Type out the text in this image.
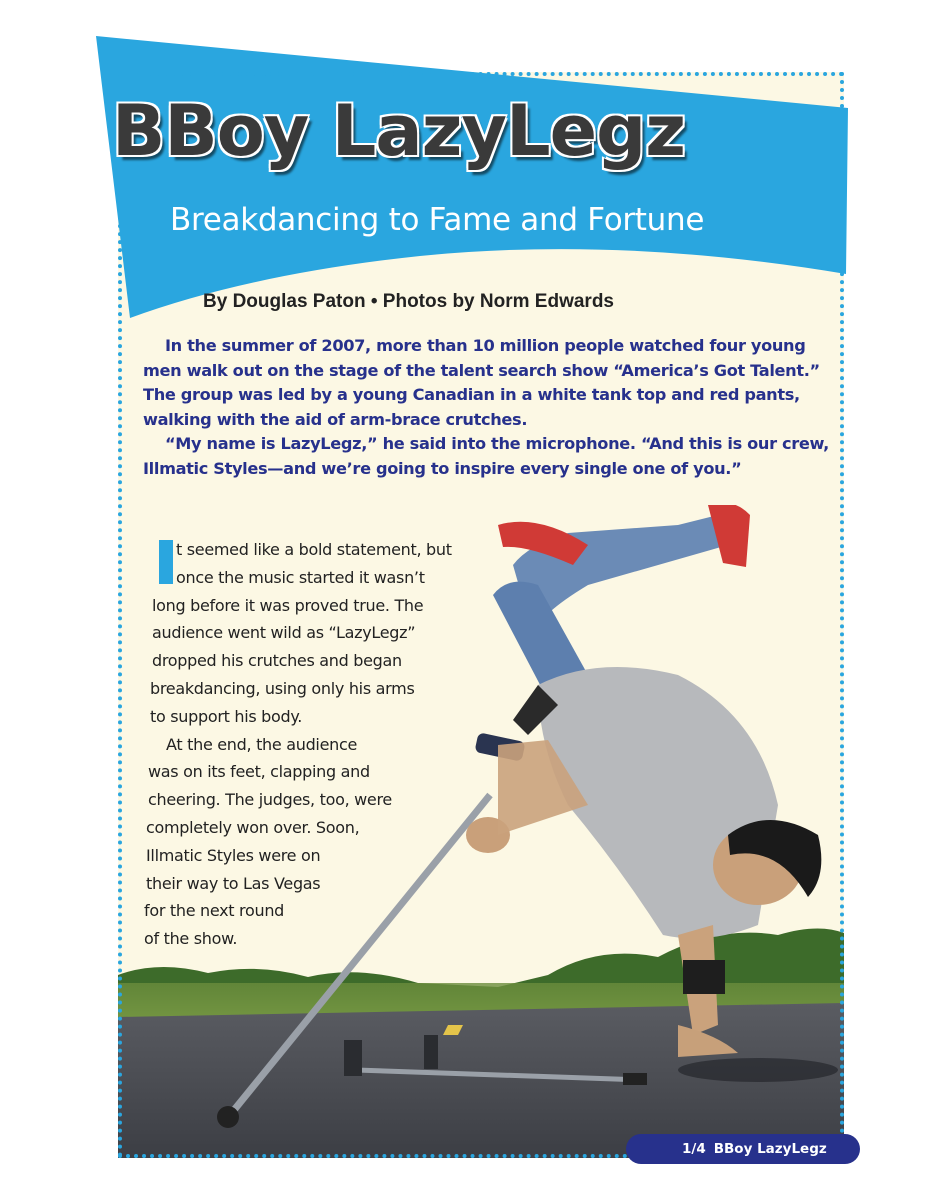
BBoy LazyLegz
Breakdancing to Fame and Fortune
By Douglas Paton • Photos by Norm Edwards

In the summer of 2007, more than 10 million people watched four young men walk out on the stage of the talent search show “America’s Got Talent.” The group was led by a young Canadian in a white tank top and red pants, walking with the aid of arm-brace crutches.

“My name is LazyLegz,” he said into the microphone. “And this is our crew, Illmatic Styles—and we’re going to inspire every single one of you.”

t seemed like a bold statement, but
once the music started it wasn’t
long before it was proved true. The
audience went wild as “LazyLegz”
dropped his crutches and began
breakdancing, using only his arms
to support his body.

At the end, the audience
was on its feet, clapping and
cheering. The judges, too, were
completely won over. Soon,
Illmatic Styles were on
their way to Las Vegas
for the next round
of the show.

1/4 BBoy LazyLegz
